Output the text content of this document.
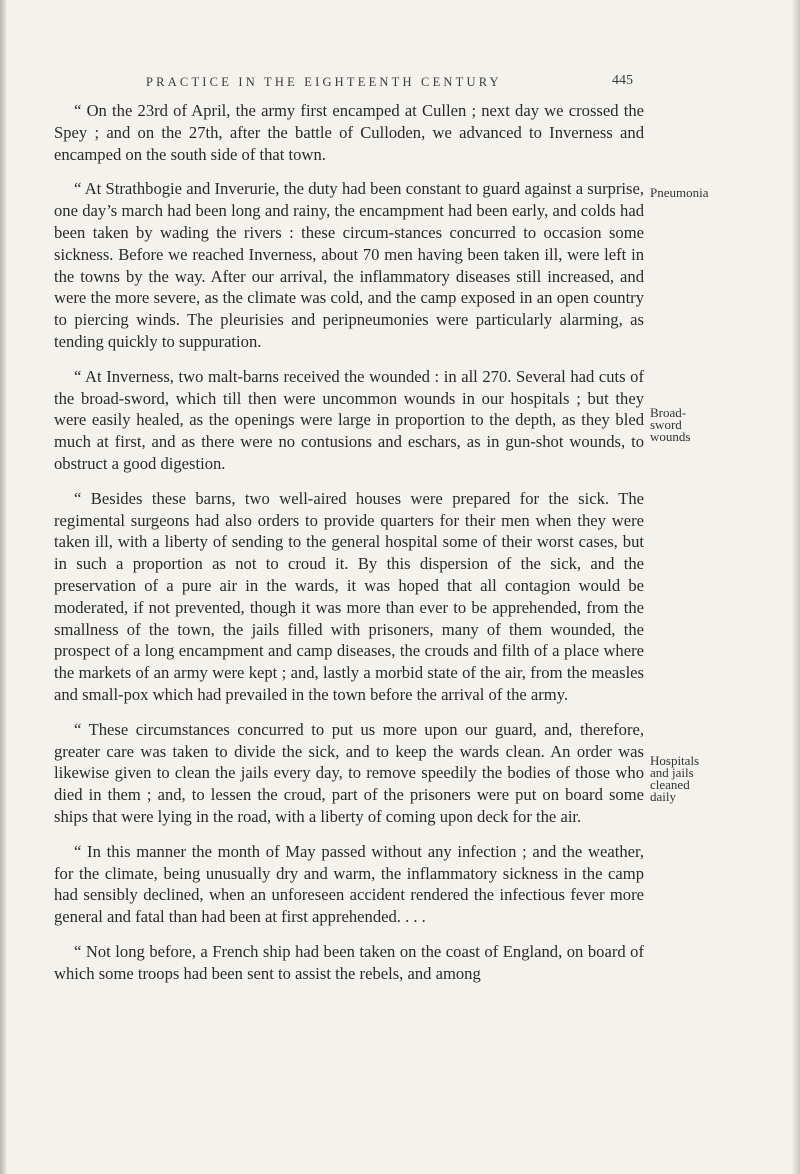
PRACTICE IN THE EIGHTEENTH CENTURY	445

“ On the 23rd of April, the army first encamped at Cullen ; next day we crossed the Spey ; and on the 27th, after the battle of Culloden, we advanced to Inverness and encamped on the south side of that town.

“ At Strathbogie and Inverurie, the duty had been constant to guard against a surprise, one day’s march had been long and rainy, the encampment had been early, and colds had been taken by wading the rivers : these circum-stances concurred to occasion some sickness. Before we reached Inverness, about 70 men having been taken ill, were left in the towns by the way. After our arrival, the inflammatory diseases still increased, and were the more severe, as the climate was cold, and the camp exposed in an open country to piercing winds. The pleurisies and peripneumonies were particularly alarming, as tending quickly to suppuration.

“ At Inverness, two malt-barns received the wounded : in all 270. Several had cuts of the broad-sword, which till then were uncommon wounds in our hospitals ; but they were easily healed, as the openings were large in proportion to the depth, as they bled much at first, and as there were no contusions and eschars, as in gun-shot wounds, to obstruct a good digestion.

“ Besides these barns, two well-aired houses were prepared for the sick. The regimental surgeons had also orders to provide quarters for their men when they were taken ill, with a liberty of sending to the general hospital some of their worst cases, but in such a proportion as not to croud it. By this dispersion of the sick, and the preservation of a pure air in the wards, it was hoped that all contagion would be moderated, if not prevented, though it was more than ever to be apprehended, from the smallness of the town, the jails filled with prisoners, many of them wounded, the prospect of a long encampment and camp diseases, the crouds and filth of a place where the markets of an army were kept ; and, lastly a morbid state of the air, from the measles and small-pox which had prevailed in the town before the arrival of the army.

“ These circumstances concurred to put us more upon our guard, and, therefore, greater care was taken to divide the sick, and to keep the wards clean. An order was likewise given to clean the jails every day, to remove speedily the bodies of those who died in them ; and, to lessen the croud, part of the prisoners were put on board some ships that were lying in the road, with a liberty of coming upon deck for the air.

“ In this manner the month of May passed without any infection ; and the weather, for the climate, being unusually dry and warm, the inflammatory sickness in the camp had sensibly declined, when an unforeseen accident rendered the infectious fever more general and fatal than had been at first apprehended. . . .

“ Not long before, a French ship had been taken on the coast of England, on board of which some troops had been sent to assist the rebels, and among

Pneumonia
Broad-
sword
wounds
Hospitals
and jails
cleaned
daily
